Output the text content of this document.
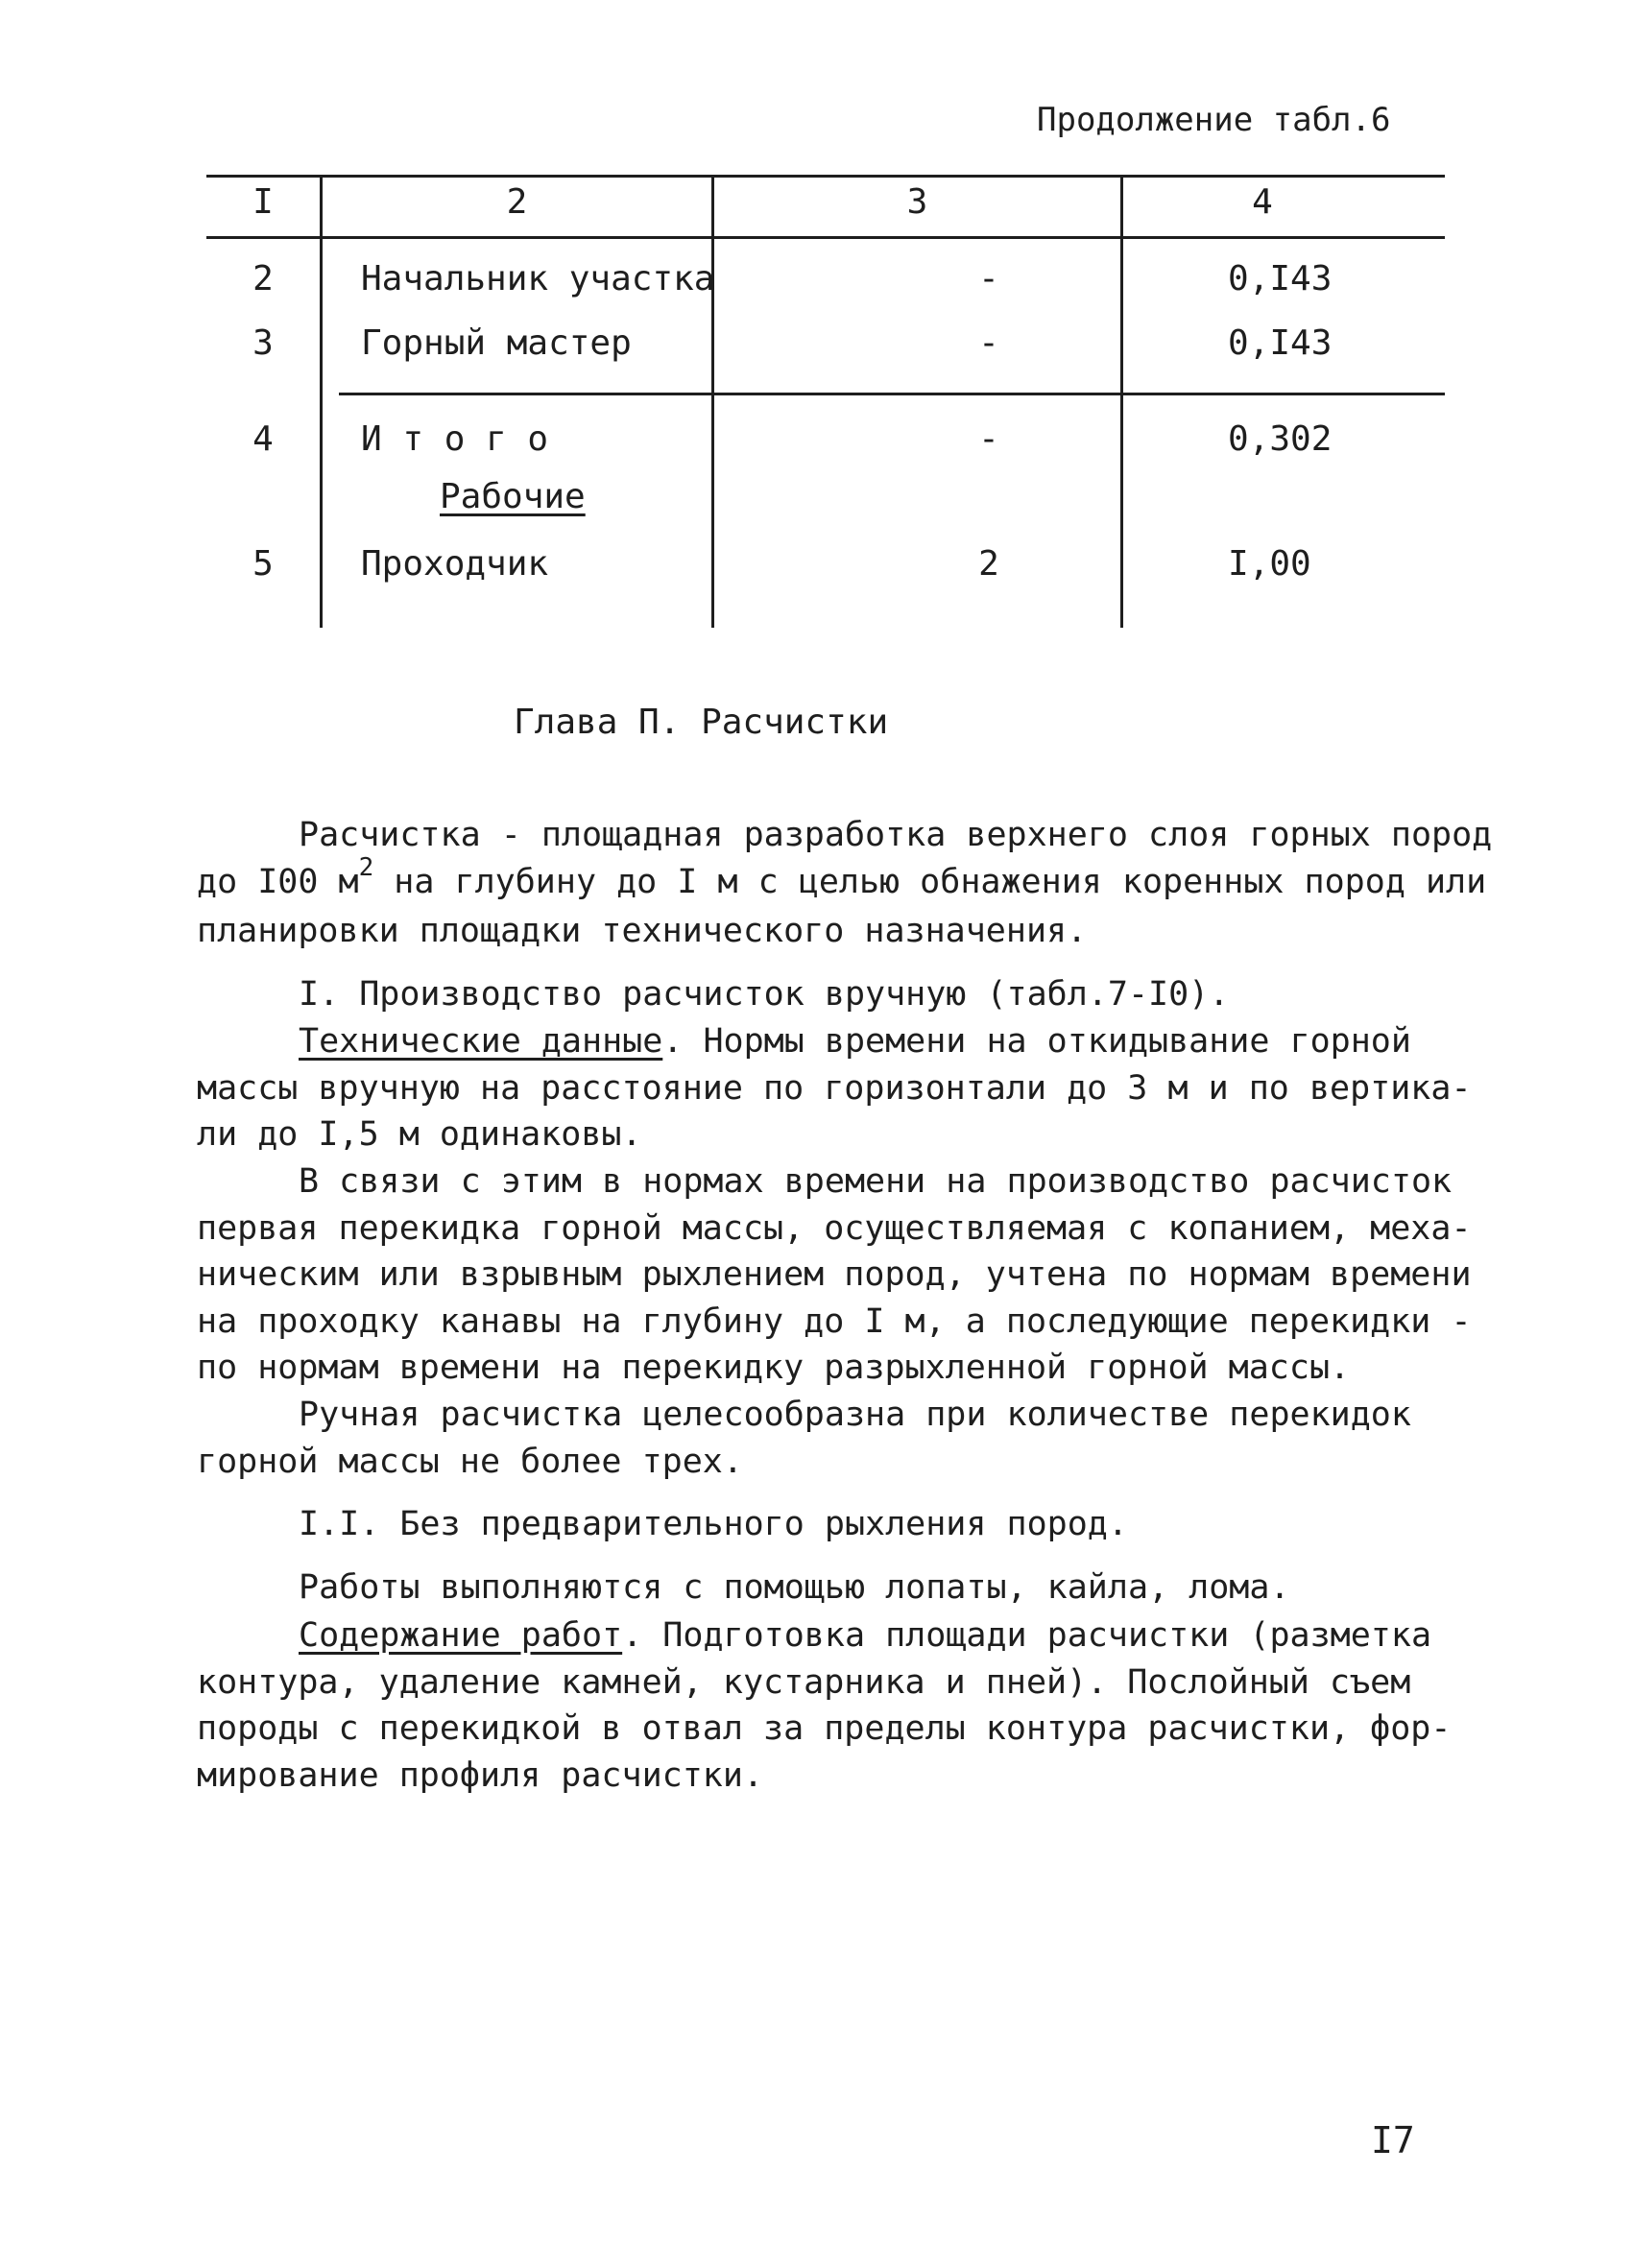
Продолжение табл.6
I	2	3	4
2	Начальник участка	-	0,I43
3	Горный мастер	-	0,I43
4	И т о г о	-	0,302
Рабочие
5	Проходчик	2	I,00
Глава П. Расчистки
Расчистка - площадная разработка верхнего слоя горных пород
до I00 $м^2$ на глубину до I м с целью обнажения коренных пород или
планировки площадки технического назначения.
I. Производство расчисток вручную (табл.7-I0).
Технические данные. Нормы времени на откидывание горной
массы вручную на расстояние по горизонтали до 3 м и по вертика-
ли до I,5 м одинаковы.
В связи с этим в нормах времени на производство расчисток
первая перекидка горной массы, осуществляемая с копанием, меха-
ническим или взрывным рыхлением пород, учтена по нормам времени
на проходку канавы на глубину до I м, а последующие перекидки -
по нормам времени на перекидку разрыхленной горной массы.
Ручная расчистка целесообразна при количестве перекидок
горной массы не более трех.
I.I. Без предварительного рыхления пород.
Работы выполняются с помощью лопаты, кайла, лома.
Содержание работ. Подготовка площади расчистки (разметка
контура, удаление камней, кустарника и пней). Послойный съем
породы с перекидкой в отвал за пределы контура расчистки, фор-
мирование профиля расчистки.
I7
